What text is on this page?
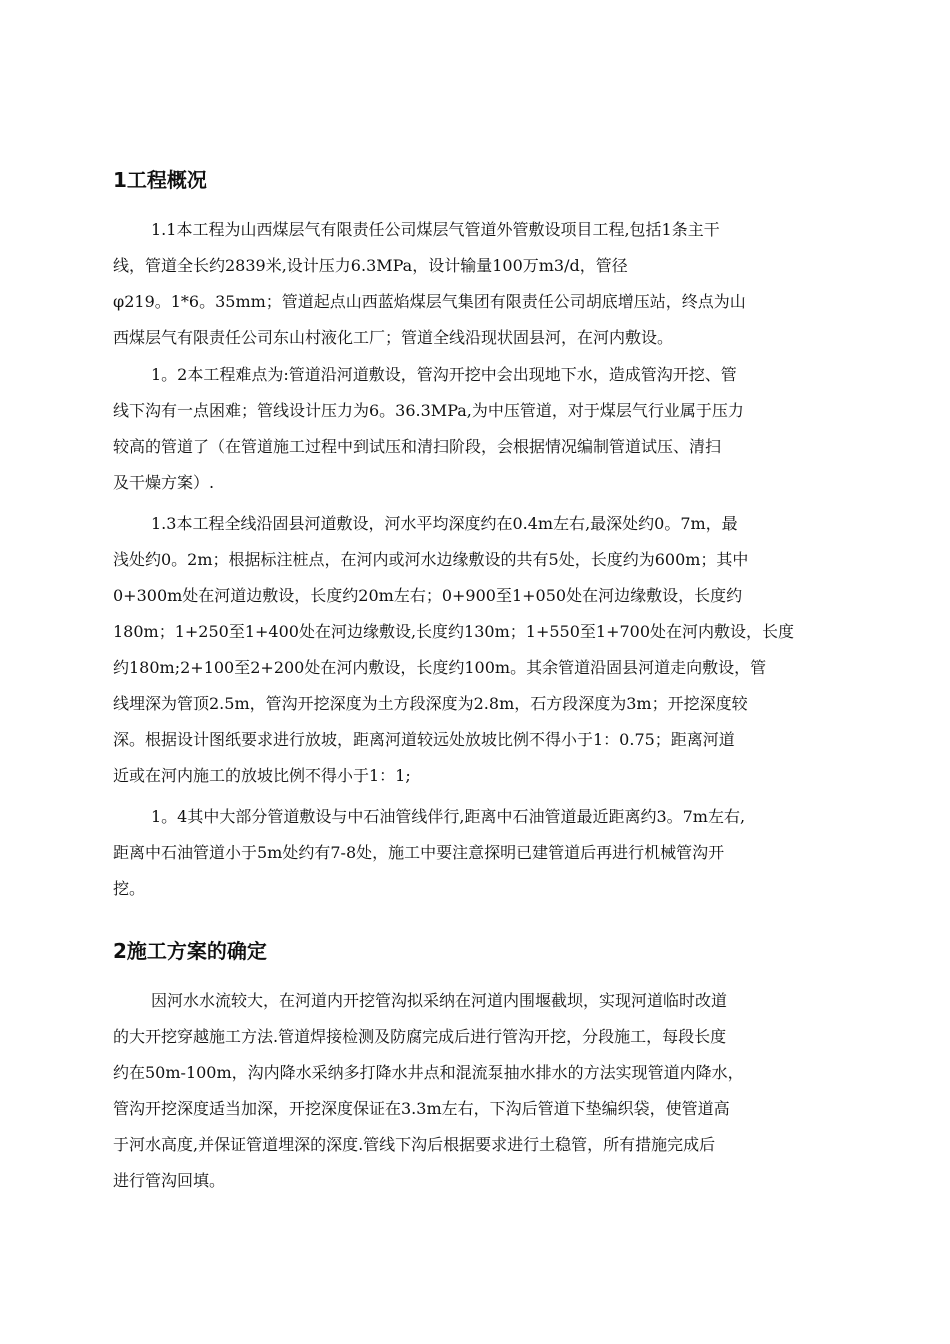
1工程概况
1.1本工程为山西煤层气有限责任公司煤层气管道外管敷设项目工程,包括1条主干
线，管道全长约2839米,设计压力6.3MPa，设计输量100万m3/d，管径
φ219。1*6。35mm；管道起点山西蓝焰煤层气集团有限责任公司胡底增压站，终点为山
西煤层气有限责任公司东山村液化工厂；管道全线沿现状固县河，在河内敷设。
1。2本工程难点为:管道沿河道敷设，管沟开挖中会出现地下水，造成管沟开挖、管
线下沟有一点困难；管线设计压力为6。36.3MPa,为中压管道，对于煤层气行业属于压力
较高的管道了（在管道施工过程中到试压和清扫阶段，会根据情况编制管道试压、清扫
及干燥方案）.
1.3本工程全线沿固县河道敷设，河水平均深度约在0.4m左右,最深处约0。7m，最
浅处约0。2m；根据标注桩点，在河内或河水边缘敷设的共有5处，长度约为600m；其中
0+300m处在河道边敷设，长度约20m左右；0+900至1+050处在河边缘敷设，长度约
180m；1+250至1+400处在河边缘敷设,长度约130m；1+550至1+700处在河内敷设，长度
约180m;2+100至2+200处在河内敷设，长度约100m。其余管道沿固县河道走向敷设，管
线埋深为管顶2.5m，管沟开挖深度为土方段深度为2.8m，石方段深度为3m；开挖深度较
深。根据设计图纸要求进行放坡，距离河道较远处放坡比例不得小于1：0.75；距离河道
近或在河内施工的放坡比例不得小于1：1;
1。4其中大部分管道敷设与中石油管线伴行,距离中石油管道最近距离约3。7m左右,
距离中石油管道小于5m处约有7-8处，施工中要注意探明已建管道后再进行机械管沟开
挖。
2施工方案的确定
因河水水流较大，在河道内开挖管沟拟采纳在河道内围堰截坝，实现河道临时改道
的大开挖穿越施工方法.管道焊接检测及防腐完成后进行管沟开挖，分段施工，每段长度
约在50m-100m，沟内降水采纳多打降水井点和混流泵抽水排水的方法实现管道内降水，
管沟开挖深度适当加深，开挖深度保证在3.3m左右，下沟后管道下垫编织袋，使管道高
于河水高度,并保证管道埋深的深度.管线下沟后根据要求进行土稳管，所有措施完成后
进行管沟回填。
